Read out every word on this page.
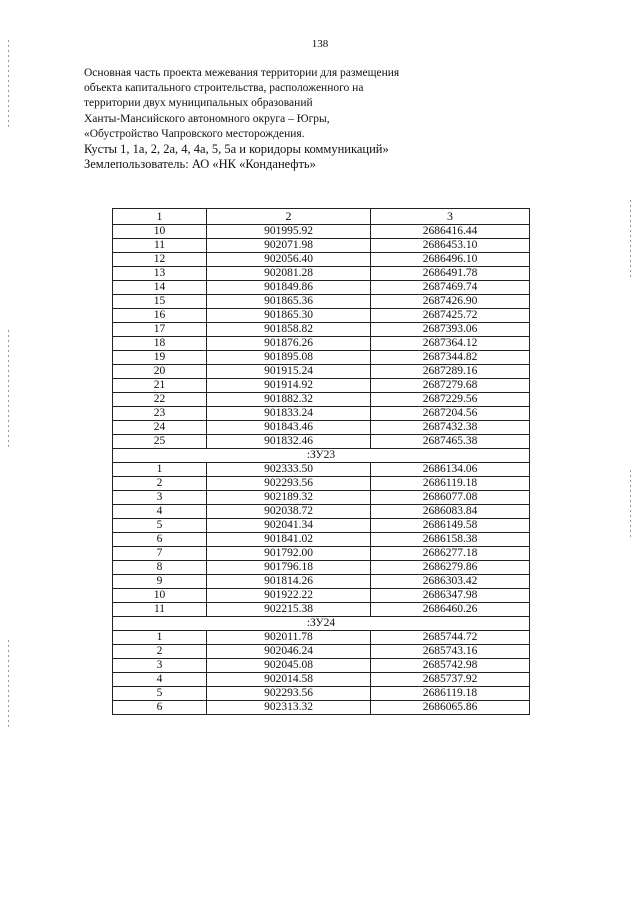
138
Основная часть проекта межевания территории для размещения
объекта капитального строительства, расположенного на
территории двух муниципальных образований
Ханты-Мансийского автономного округа – Югры,
«Обустройство Чапровского месторождения.
Кусты 1, 1а, 2, 2а, 4, 4а, 5, 5а и коридоры коммуникаций»
Землепользователь: АО «НК «Конданефть»
1	2	3
10	901995.92	2686416.44
11	902071.98	2686453.10
12	902056.40	2686496.10
13	902081.28	2686491.78
14	901849.86	2687469.74
15	901865.36	2687426.90
16	901865.30	2687425.72
17	901858.82	2687393.06
18	901876.26	2687364.12
19	901895.08	2687344.82
20	901915.24	2687289.16
21	901914.92	2687279.68
22	901882.32	2687229.56
23	901833.24	2687204.56
24	901843.46	2687432.38
25	901832.46	2687465.38
:ЗУ23		
1	902333.50	2686134.06
2	902293.56	2686119.18
3	902189.32	2686077.08
4	902038.72	2686083.84
5	902041.34	2686149.58
6	901841.02	2686158.38
7	901792.00	2686277.18
8	901796.18	2686279.86
9	901814.26	2686303.42
10	901922.22	2686347.98
11	902215.38	2686460.26
:ЗУ24		
1	902011.78	2685744.72
2	902046.24	2685743.16
3	902045.08	2685742.98
4	902014.58	2685737.92
5	902293.56	2686119.18
6	902313.32	2686065.86
